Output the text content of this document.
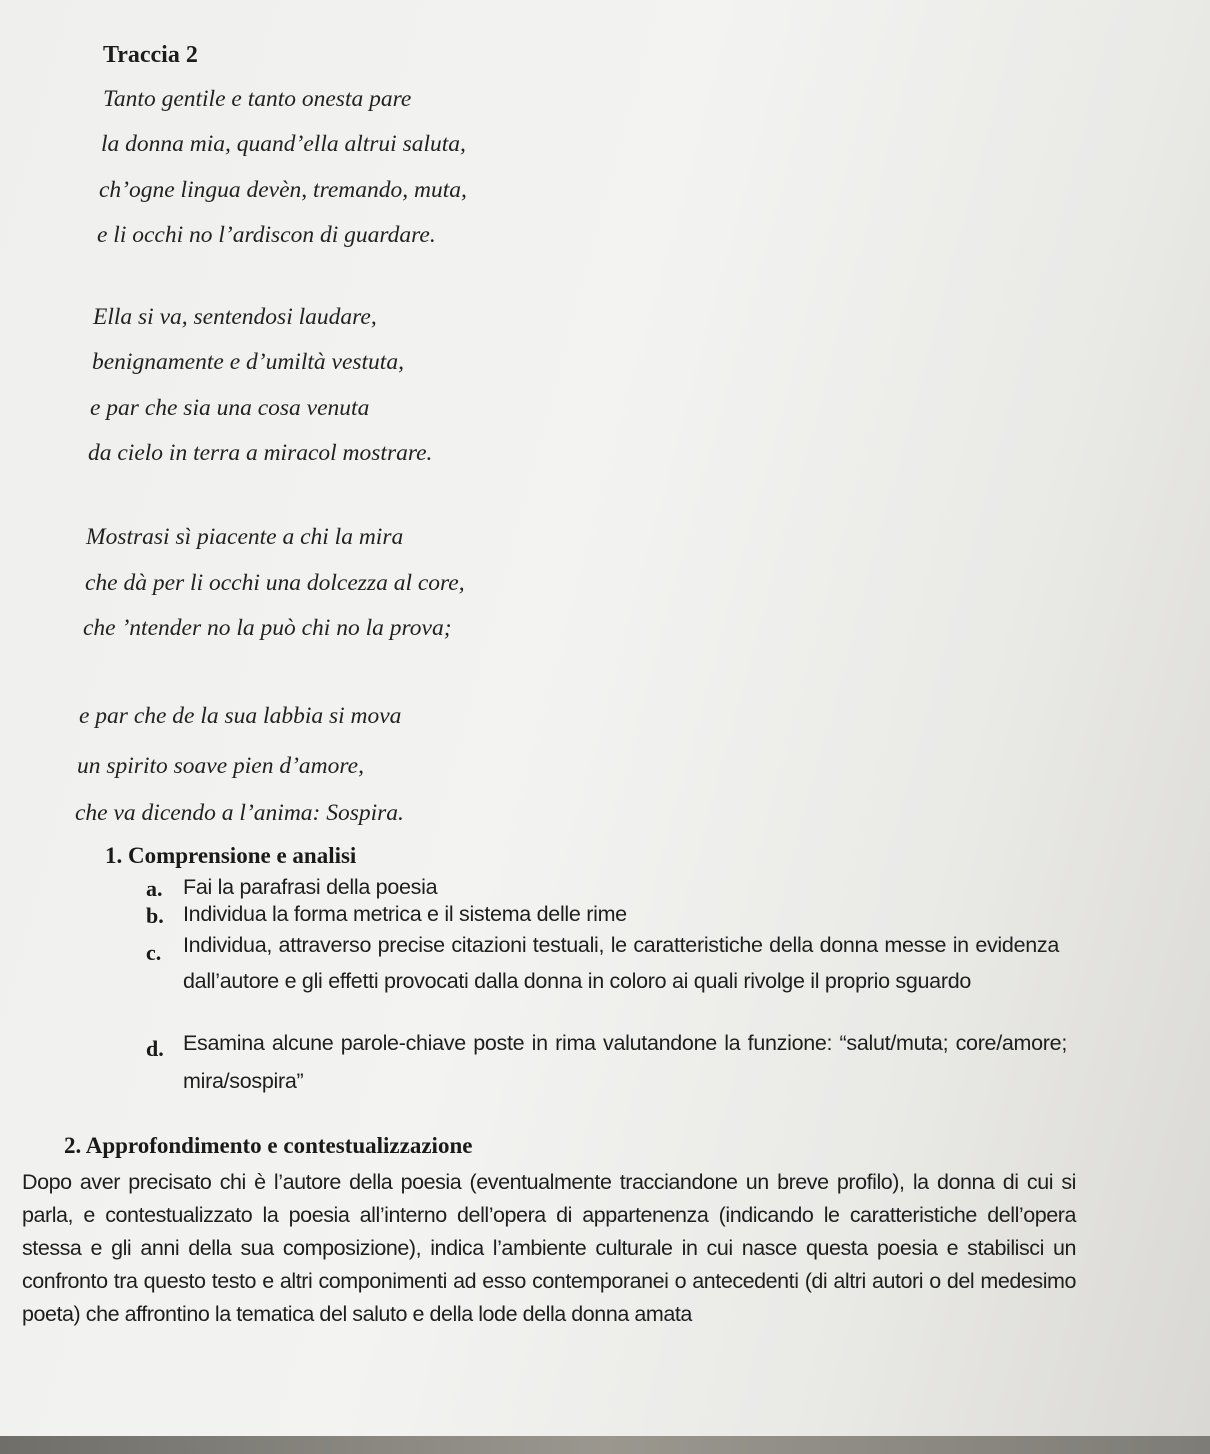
Traccia 2
Tanto gentile e tanto onesta pare
la donna mia, quand’ella altrui saluta,
ch’ogne lingua devèn, tremando, muta,
e li occhi no l’ardiscon di guardare.
Ella si va, sentendosi laudare,
benignamente e d’umiltà vestuta,
e par che sia una cosa venuta
da cielo in terra a miracol mostrare.
Mostrasi sì piacente a chi la mira
che dà per li occhi una dolcezza al core,
che ’ntender no la può chi no la prova;
e par che de la sua labbia si mova
un spirito soave pien d’amore,
che va dicendo a l’anima: Sospira.
1. Comprensione e analisi
a. Fai la parafrasi della poesia
b. Individua la forma metrica e il sistema delle rime
c. Individua, attraverso precise citazioni testuali, le caratteristiche della donna messe in evidenza dall’autore e gli effetti provocati dalla donna in coloro ai quali rivolge il proprio sguardo
d. Esamina alcune parole-chiave poste in rima valutandone la funzione: “salut/muta; core/amore; mira/sospira”
2. Approfondimento e contestualizzazione
Dopo aver precisato chi è l’autore della poesia (eventualmente tracciandone un breve profilo), la donna di cui si parla, e contestualizzato la poesia all’interno dell’opera di appartenenza (indicando le caratteristiche dell’opera stessa e gli anni della sua composizione), indica l’ambiente culturale in cui nasce questa poesia e stabilisci un confronto tra questo testo e altri componimenti ad esso contemporanei o antecedenti (di altri autori o del medesimo poeta) che affrontino la tematica del saluto e della lode della donna amata
